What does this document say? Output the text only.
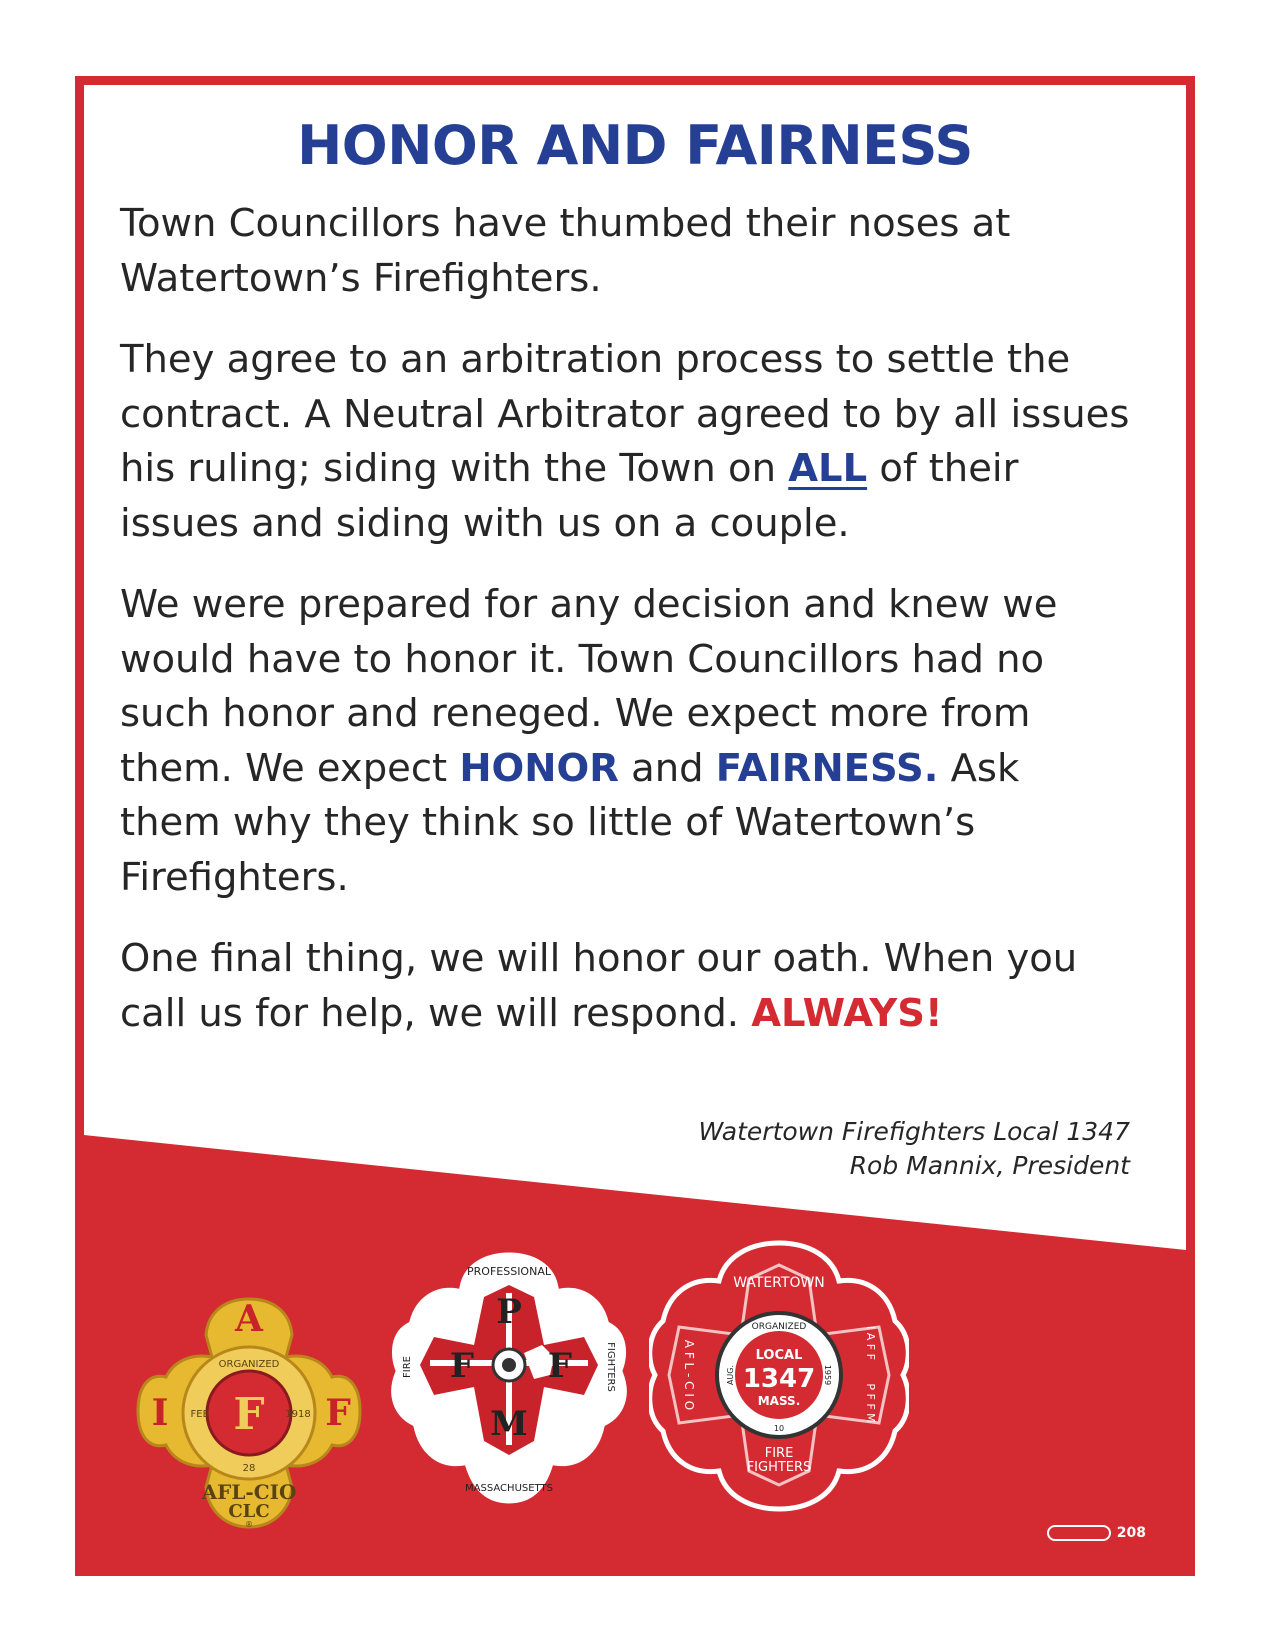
HONOR AND FAIRNESS

Town Councillors have thumbed their noses at Watertown’s Firefighters.

They agree to an arbitration process to settle the contract. A Neutral Arbitrator agreed to by all issues his ruling; siding with the Town on ALL of their issues and siding with us on a couple.

We were prepared for any decision and knew we would have to honor it. Town Councillors had no such honor and reneged. We expect more from them. We expect HONOR and FAIRNESS. Ask them why they think so little of Watertown’s Firefighters.

One final thing, we will honor our oath. When you call us for help, we will respond. ALWAYS!

Watertown Firefighters Local 1347
Rob Mannix, President
A
I	F
F
ORGANIZED
FEB	1918
28
AFL-CIO
CLC
®
P
F F
M
PROFESSIONAL
MASSACHUSETTS
FIRE	FIGHTERS
WATERTOWN
ORGANIZED
LOCAL
1347
MASS.
AUG.	1959
10
A F L - C I O	I A F F
P F F M
FIRE
FIGHTERS
208
